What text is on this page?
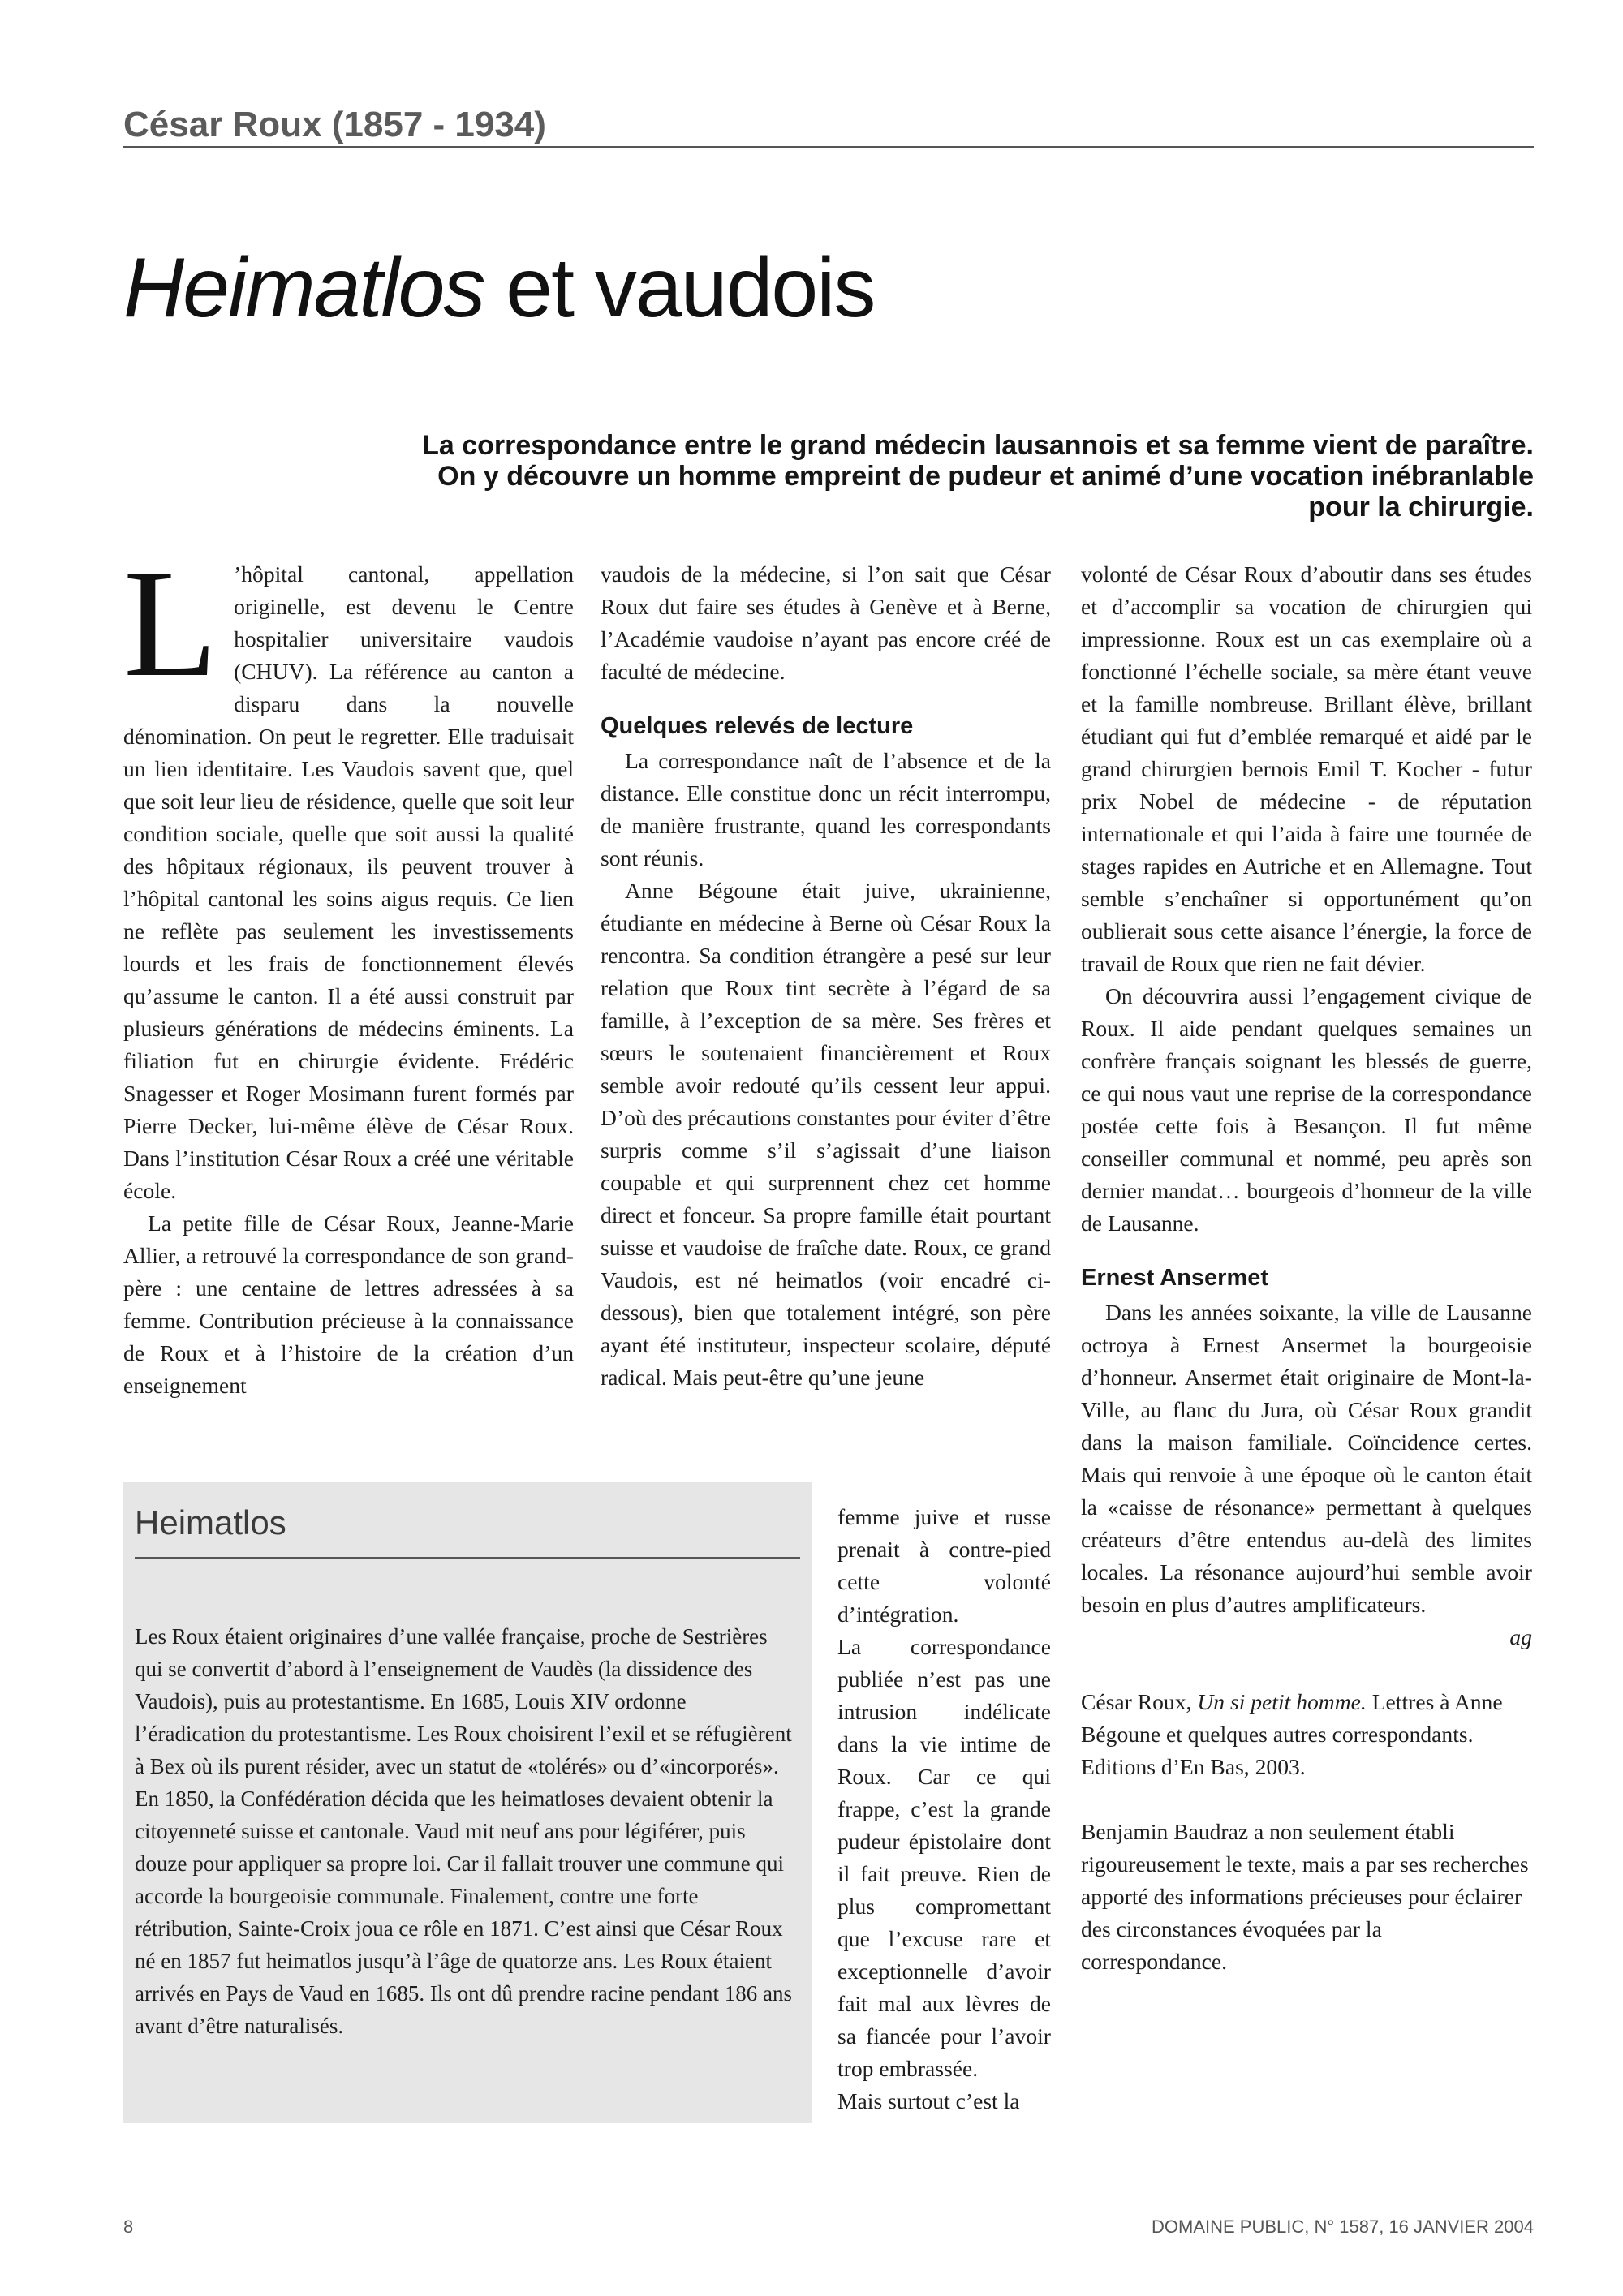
César Roux (1857 - 1934)
Heimatlos et vaudois
La correspondance entre le grand médecin lausannois et sa femme vient de paraître. On y découvre un homme empreint de pudeur et animé d’une vocation inébranlable pour la chirurgie.
L ’hôpital cantonal, appellation originelle, est devenu le Centre hospitalier universitaire vaudois (CHUV). La référence au canton a disparu dans la nouvelle dénomination. On peut le regretter. Elle traduisait un lien identitaire. Les Vaudois savent que, quel que soit leur lieu de résidence, quelle que soit leur condition sociale, quelle que soit aussi la qualité des hôpitaux régionaux, ils peuvent trouver à l’hôpital cantonal les soins aigus requis. Ce lien ne reflète pas seulement les investissements lourds et les frais de fonctionnement élevés qu’assume le canton. Il a été aussi construit par plusieurs générations de médecins éminents. La filiation fut en chirurgie évidente. Frédéric Snagesser et Roger Mosimann furent formés par Pierre Decker, lui-même élève de César Roux. Dans l’institution César Roux a créé une véritable école.

La petite fille de César Roux, Jeanne-Marie Allier, a retrouvé la correspondance de son grand-père : une centaine de lettres adressées à sa femme. Contribution précieuse à la connaissance de Roux et à l’histoire de la création d’un enseignement

vaudois de la médecine, si l’on sait que César Roux dut faire ses études à Genève et à Berne, l’Académie vaudoise n’ayant pas encore créé de faculté de médecine.

Quelques relevés de lecture

La correspondance naît de l’absence et de la distance. Elle constitue donc un récit interrompu, de manière frustrante, quand les correspondants sont réunis.

Anne Bégoune était juive, ukrainienne, étudiante en médecine à Berne où César Roux la rencontra. Sa condition étrangère a pesé sur leur relation que Roux tint secrète à l’égard de sa famille, à l’exception de sa mère. Ses frères et sœurs le soutenaient financièrement et Roux semble avoir redouté qu’ils cessent leur appui. D’où des précautions constantes pour éviter d’être surpris comme s’il s’agissait d’une liaison coupable et qui surprennent chez cet homme direct et fonceur. Sa propre famille était pourtant suisse et vaudoise de fraîche date. Roux, ce grand Vaudois, est né heimatlos (voir encadré ci-dessous), bien que totalement intégré, son père ayant été instituteur, inspecteur scolaire, député radical. Mais peut-être qu’une jeune

femme juive et russe prenait à contre-pied cette volonté d’intégration.

La correspondance publiée n’est pas une intrusion indélicate dans la vie intime de Roux. Car ce qui frappe, c’est la grande pudeur épistolaire dont il fait preuve. Rien de plus compromettant que l’excuse rare et exceptionnelle d’avoir fait mal aux lèvres de sa fiancée pour l’avoir trop embrassée.

Mais surtout c’est la

volonté de César Roux d’aboutir dans ses études et d’accomplir sa vocation de chirurgien qui impressionne. Roux est un cas exemplaire où a fonctionné l’échelle sociale, sa mère étant veuve et la famille nombreuse. Brillant élève, brillant étudiant qui fut d’emblée remarqué et aidé par le grand chirurgien bernois Emil T. Kocher - futur prix Nobel de médecine - de réputation internationale et qui l’aida à faire une tournée de stages rapides en Autriche et en Allemagne. Tout semble s’enchaîner si opportunément qu’on oublierait sous cette aisance l’énergie, la force de travail de Roux que rien ne fait dévier.

On découvrira aussi l’engagement civique de Roux. Il aide pendant quelques semaines un confrère français soignant les blessés de guerre, ce qui nous vaut une reprise de la correspondance postée cette fois à Besançon. Il fut même conseiller communal et nommé, peu après son dernier mandat… bourgeois d’honneur de la ville de Lausanne.

Ernest Ansermet

Dans les années soixante, la ville de Lausanne octroya à Ernest Ansermet la bourgeoisie d’honneur. Ansermet était originaire de Mont-la-Ville, au flanc du Jura, où César Roux grandit dans la maison familiale. Coïncidence certes. Mais qui renvoie à une époque où le canton était la «caisse de résonance» permettant à quelques créateurs d’être entendus au-delà des limites locales. La résonance aujourd’hui semble avoir besoin en plus d’autres amplificateurs.

ag

César Roux, Un si petit homme. Lettres à Anne Bégoune et quelques autres correspondants. Editions d’En Bas, 2003.

Benjamin Baudraz a non seulement établi rigoureusement le texte, mais a par ses recherches apporté des informations précieuses pour éclairer des circonstances évoquées par la correspondance.

Heimatlos

Les Roux étaient originaires d’une vallée française, proche de Sestrières qui se convertit d’abord à l’enseignement de Vaudès (la dissidence des Vaudois), puis au protestantisme. En 1685, Louis XIV ordonne l’éradication du protestantisme. Les Roux choisirent l’exil et se réfugièrent à Bex où ils purent résider, avec un statut de «tolérés» ou d’«incorporés».

En 1850, la Confédération décida que les heimatloses devaient obtenir la citoyenneté suisse et cantonale. Vaud mit neuf ans pour légiférer, puis douze pour appliquer sa propre loi. Car il fallait trouver une commune qui accorde la bourgeoisie communale. Finalement, contre une forte rétribution, Sainte-Croix joua ce rôle en 1871. C’est ainsi que César Roux né en 1857 fut heimatlos jusqu’à l’âge de quatorze ans. Les Roux étaient arrivés en Pays de Vaud en 1685. Ils ont dû prendre racine pendant 186 ans avant d’être naturalisés.

8	DOMAINE PUBLIC, N° 1587, 16 JANVIER 2004
